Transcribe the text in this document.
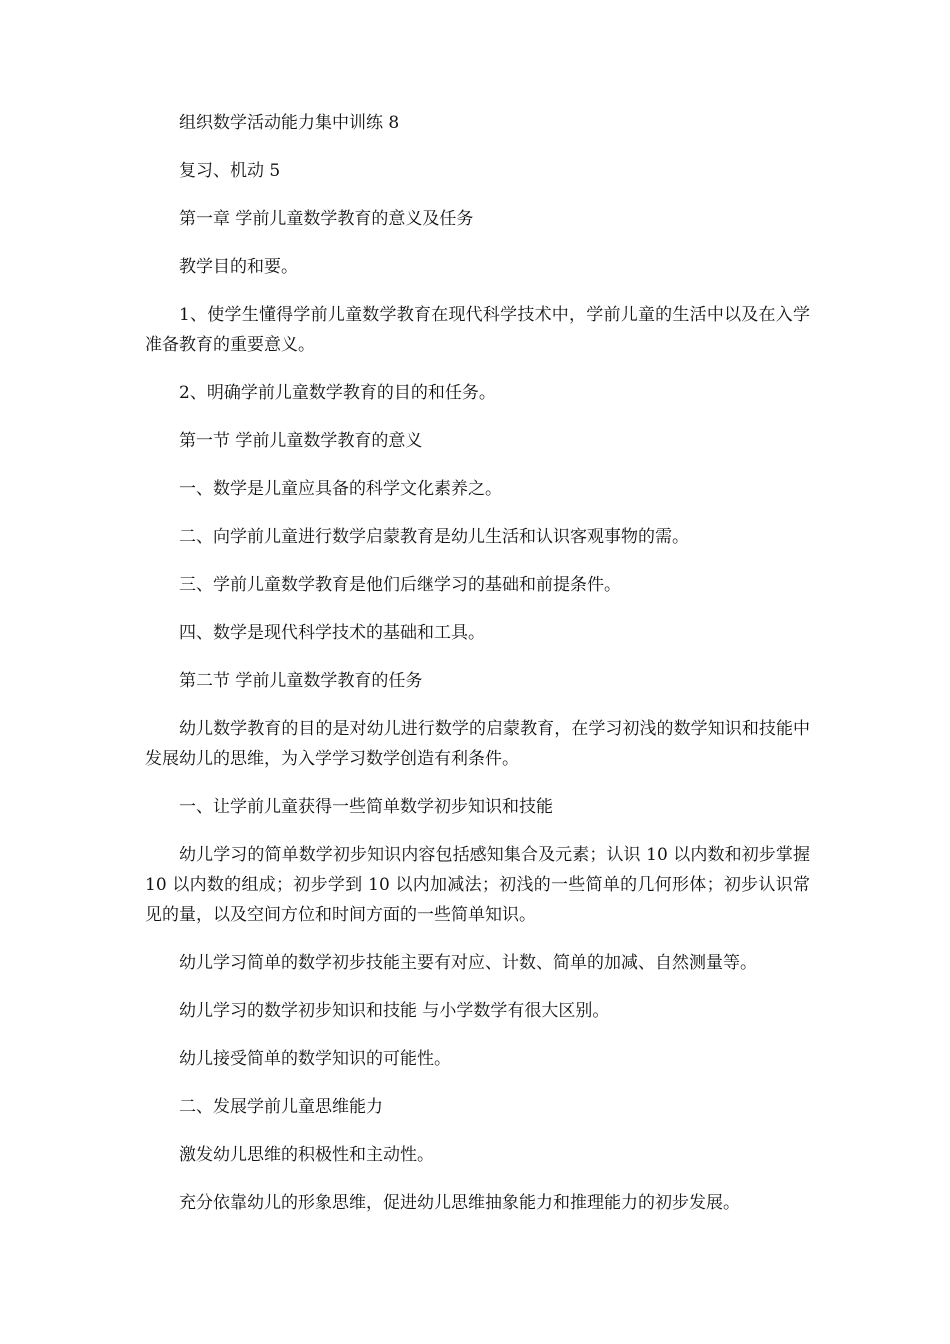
组织数学活动能力集中训练 8

复习、机动 5

第一章 学前儿童数学教育的意义及任务

教学目的和要。

1、使学生懂得学前儿童数学教育在现代科学技术中，学前儿童的生活中以及在入学准备教育的重要意义。

2、明确学前儿童数学教育的目的和任务。

第一节 学前儿童数学教育的意义

一、数学是儿童应具备的科学文化素养之。

二、向学前儿童进行数学启蒙教育是幼儿生活和认识客观事物的需。

三、学前儿童数学教育是他们后继学习的基础和前提条件。

四、数学是现代科学技术的基础和工具。

第二节 学前儿童数学教育的任务

幼儿数学教育的目的是对幼儿进行数学的启蒙教育，在学习初浅的数学知识和技能中发展幼儿的思维，为入学学习数学创造有利条件。

一、让学前儿童获得一些简单数学初步知识和技能

幼儿学习的简单数学初步知识内容包括感知集合及元素；认识 10 以内数和初步掌握 10 以内数的组成；初步学到 10 以内加减法；初浅的一些简单的几何形体；初步认识常见的量，以及空间方位和时间方面的一些简单知识。

幼儿学习简单的数学初步技能主要有对应、计数、简单的加减、自然测量等。

幼儿学习的数学初步知识和技能 与小学数学有很大区别。

幼儿接受简单的数学知识的可能性。

二、发展学前儿童思维能力

激发幼儿思维的积极性和主动性。

充分依靠幼儿的形象思维，促进幼儿思维抽象能力和推理能力的初步发展。
